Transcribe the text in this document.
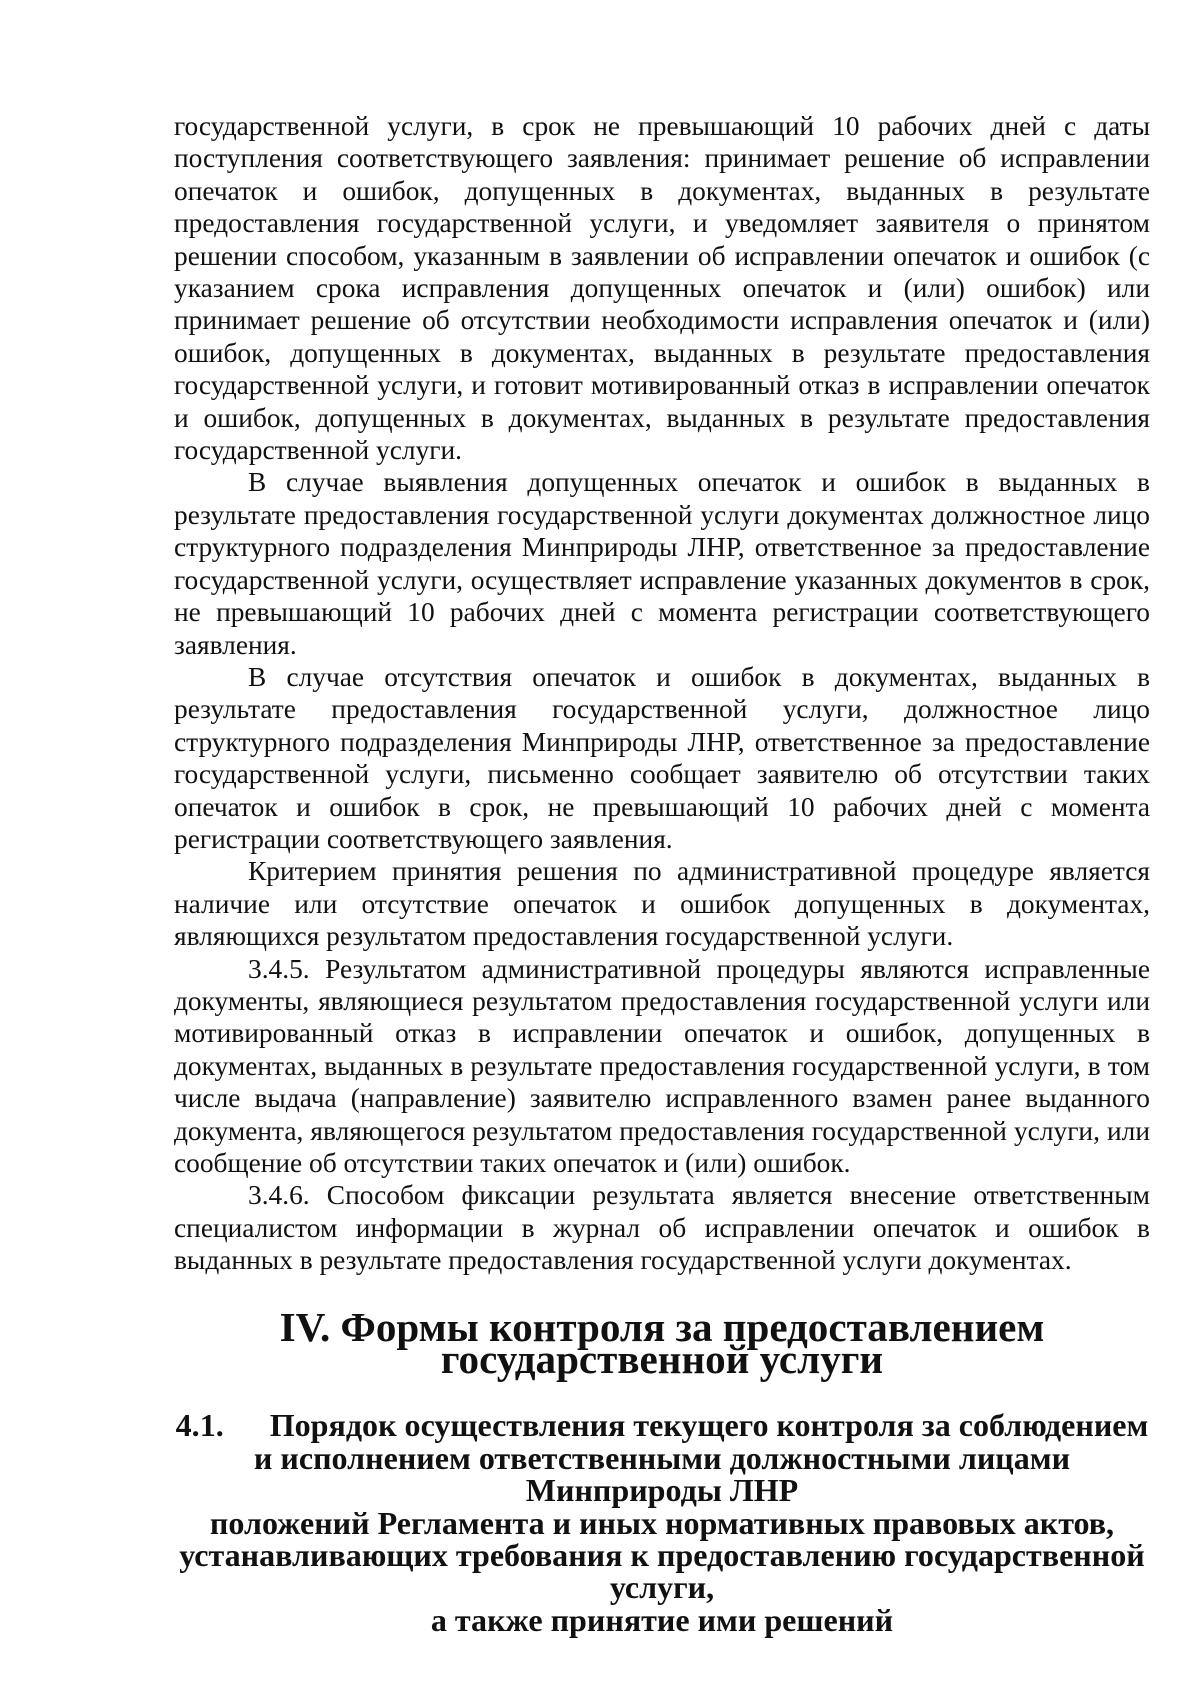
государственной услуги, в срок не превышающий 10 рабочих дней с даты поступления соответствующего заявления: принимает решение об исправлении опечаток и ошибок, допущенных в документах, выданных в результате предоставления государственной услуги, и уведомляет заявителя о принятом решении способом, указанным в заявлении об исправлении опечаток и ошибок (с указанием срока исправления допущенных опечаток и (или) ошибок) или принимает решение об отсутствии необходимости исправления опечаток и (или) ошибок, допущенных в документах, выданных в результате предоставления государственной услуги, и готовит мотивированный отказ в исправлении опечаток и ошибок, допущенных в документах, выданных в результате предоставления государственной услуги.

В случае выявления допущенных опечаток и ошибок в выданных в результате предоставления государственной услуги документах должностное лицо структурного подразделения Минприроды ЛНР, ответственное за предоставление государственной услуги, осуществляет исправление указанных документов в срок, не превышающий 10 рабочих дней с момента регистрации соответствующего заявления.

В случае отсутствия опечаток и ошибок в документах, выданных в результате предоставления государственной услуги, должностное лицо структурного подразделения Минприроды ЛНР, ответственное за предоставление государственной услуги, письменно сообщает заявителю об отсутствии таких опечаток и ошибок в срок, не превышающий 10 рабочих дней с момента регистрации соответствующего заявления.

Критерием принятия решения по административной процедуре является наличие или отсутствие опечаток и ошибок допущенных в документах, являющихся результатом предоставления государственной услуги.

3.4.5. Результатом административной процедуры являются исправленные документы, являющиеся результатом предоставления государственной услуги или мотивированный отказ в исправлении опечаток и ошибок, допущенных в документах, выданных в результате предоставления государственной услуги, в том числе выдача (направление) заявителю исправленного взамен ранее выданного документа, являющегося результатом предоставления государственной услуги, или сообщение об отсутствии таких опечаток и (или) ошибок.

3.4.6. Способом фиксации результата является внесение ответственным специалистом информации в журнал об исправлении опечаток и ошибок в выданных в результате предоставления государственной услуги документах.

IV. Формы контроля за предоставлением государственной услуги
4.1. Порядок осуществления текущего контроля за соблюдением
и исполнением ответственными должностными лицами Минприроды ЛНР
положений Регламента и иных нормативных правовых актов,
устанавливающих требования к предоставлению государственной услуги,
а также принятие ими решений
